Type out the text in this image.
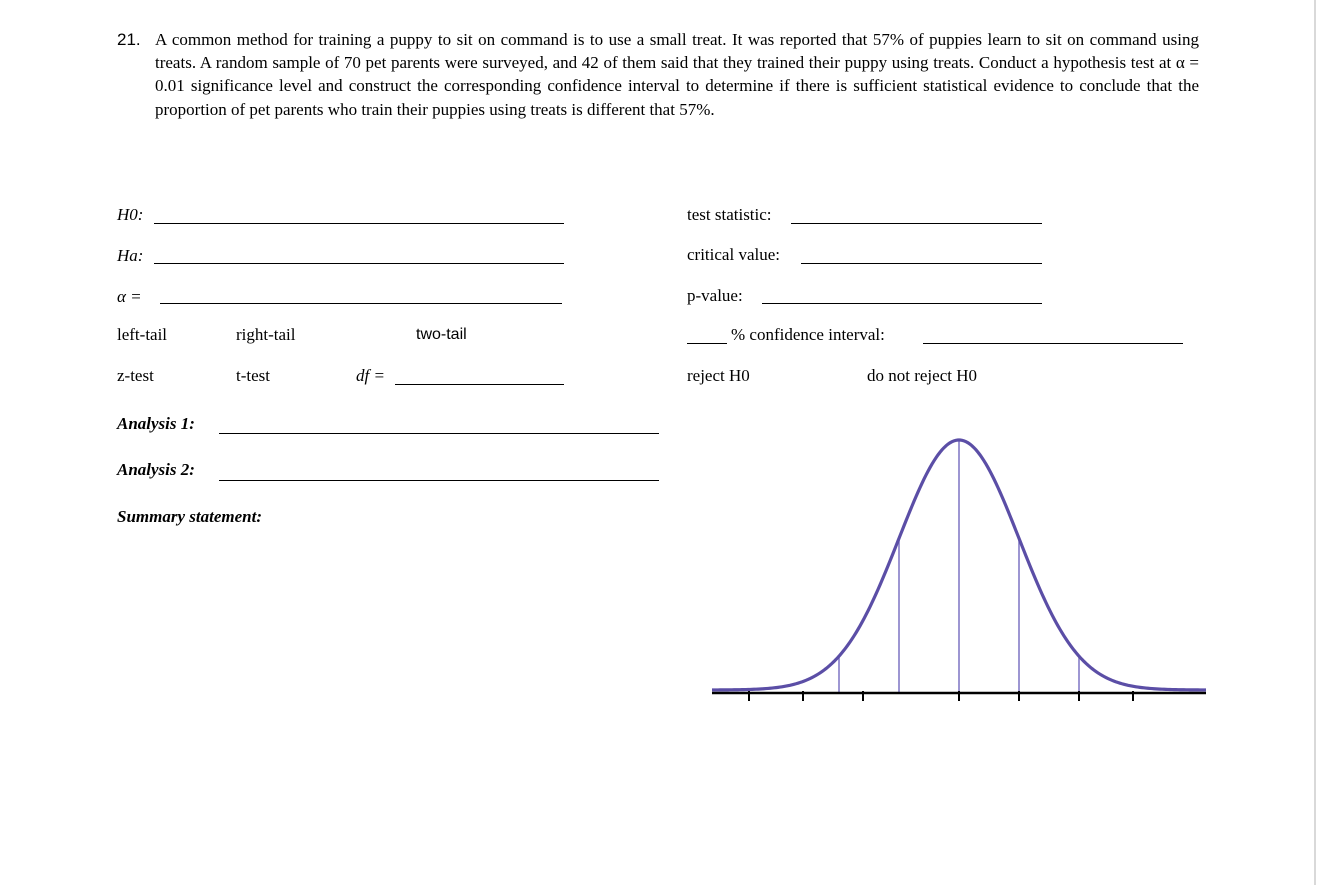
21. A common method for training a puppy to sit on command is to use a small treat. It was reported that 57% of puppies learn to sit on command using treats. A random sample of 70 pet parents were surveyed, and 42 of them said that they trained their puppy using treats. Conduct a hypothesis test at α = 0.01 significance level and construct the corresponding confidence interval to determine if there is sufficient statistical evidence to conclude that the proportion of pet parents who train their puppies using treats is different that 57%.
H0:
Ha:
α =
left-tail	right-tail	two-tail
z-test	t-test	df =
Analysis 1:
Analysis 2:
Summary statement:
test statistic:
critical value:
p-value:
% confidence interval:
reject H0	do not reject H0
